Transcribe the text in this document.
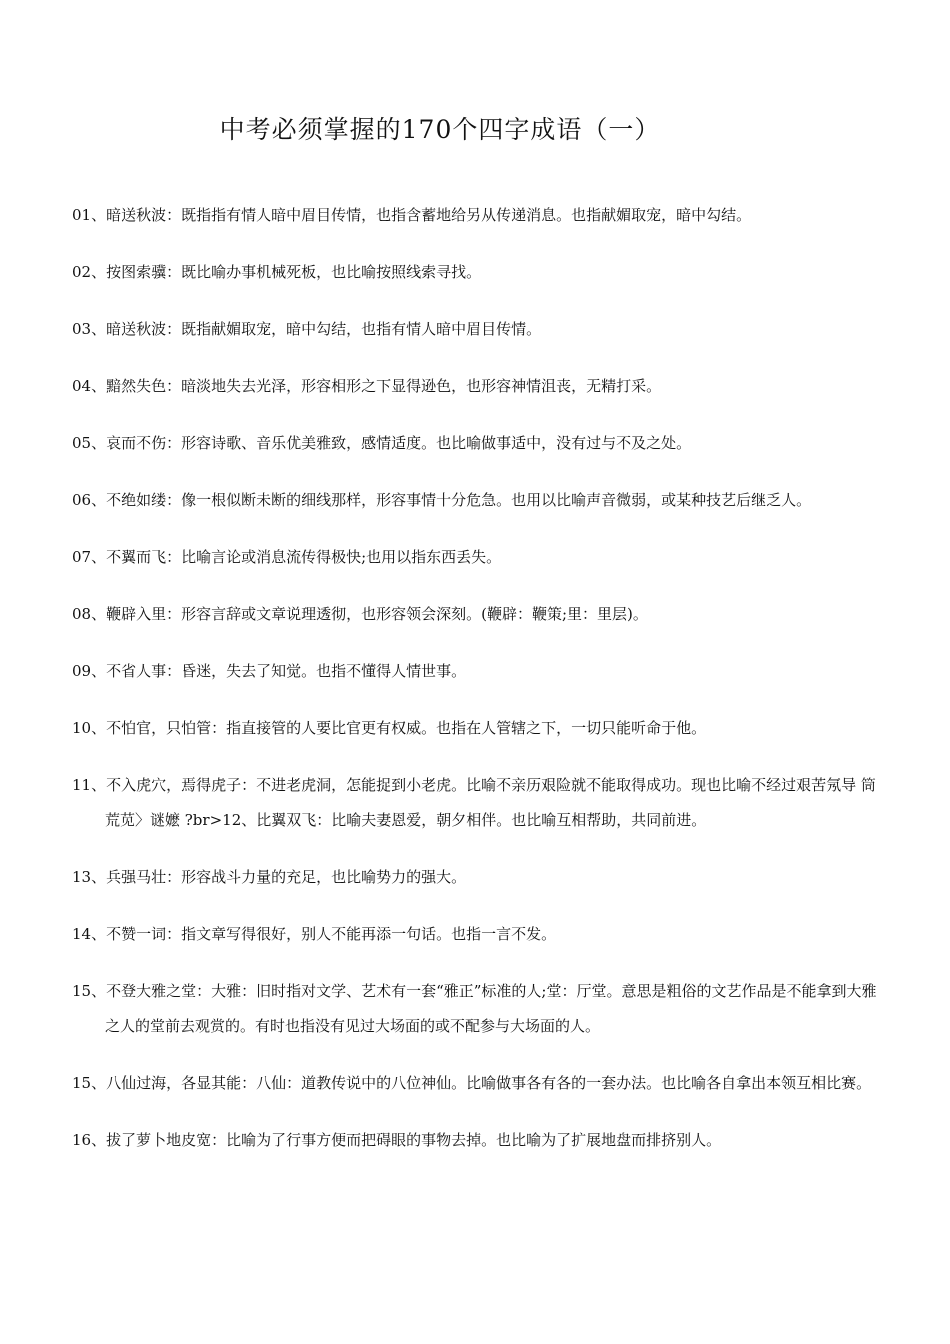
中考必须掌握的170个四字成语（一）
01、暗送秋波：既指指有情人暗中眉目传情，也指含蓄地给另从传递消息。也指献媚取宠，暗中勾结。
02、按图索骥：既比喻办事机械死板，也比喻按照线索寻找。
03、暗送秋波：既指献媚取宠，暗中勾结，也指有情人暗中眉目传情。
04、黯然失色：暗淡地失去光泽，形容相形之下显得逊色，也形容神情沮丧，无精打采。
05、哀而不伤：形容诗歌、音乐优美雅致，感情适度。也比喻做事适中，没有过与不及之处。
06、不绝如缕：像一根似断未断的细线那样，形容事情十分危急。也用以比喻声音微弱，或某种技艺后继乏人。
07、不翼而飞：比喻言论或消息流传得极快;也用以指东西丢失。
08、鞭辟入里：形容言辞或文章说理透彻，也形容领会深刻。(鞭辟：鞭策;里：里层)。
09、不省人事：昏迷，失去了知觉。也指不懂得人情世事。
10、不怕官，只怕管：指直接管的人要比官更有权威。也指在人管辖之下，一切只能听命于他。
11、不入虎穴，焉得虎子：不进老虎洞，怎能捉到小老虎。比喻不亲历艰险就不能取得成功。现也比喻不经过艰苦氖导 筒荒苋〉谜嬷 ?br>12、比翼双飞：比喻夫妻恩爱，朝夕相伴。也比喻互相帮助，共同前进。
13、兵强马壮：形容战斗力量的充足，也比喻势力的强大。
14、不赞一词：指文章写得很好，别人不能再添一句话。也指一言不发。
15、不登大雅之堂：大雅：旧时指对文学、艺术有一套“雅正”标准的人;堂：厅堂。意思是粗俗的文艺作品是不能拿到大雅之人的堂前去观赏的。有时也指没有见过大场面的或不配参与大场面的人。
15、八仙过海，各显其能：八仙：道教传说中的八位神仙。比喻做事各有各的一套办法。也比喻各自拿出本领互相比赛。
16、拔了萝卜地皮宽：比喻为了行事方便而把碍眼的事物去掉。也比喻为了扩展地盘而排挤别人。
